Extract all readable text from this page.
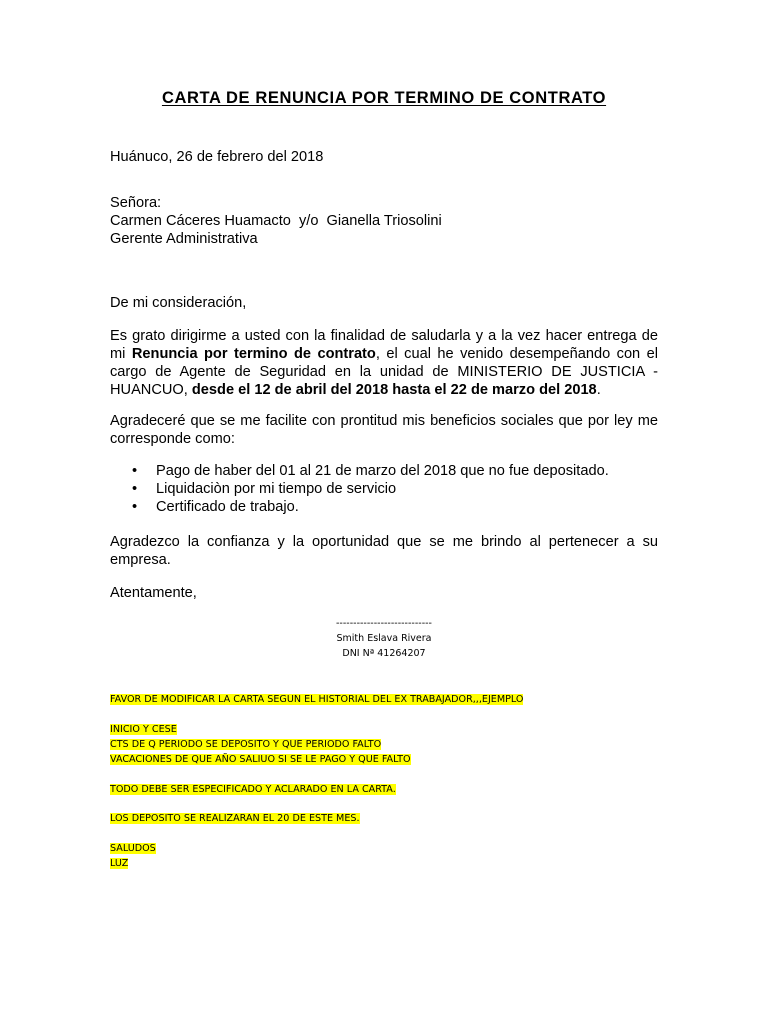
CARTA DE RENUNCIA POR TERMINO DE CONTRATO
Huánuco, 26 de febrero del 2018
Señora:
Carmen Cáceres Huamacto  y/o  Gianella Triosolini
Gerente Administrativa
De mi consideración,
Es grato dirigirme a usted con la finalidad de saludarla y a la vez hacer entrega de mi Renuncia por termino de contrato, el cual he venido desempeñando con el cargo de Agente de Seguridad en la unidad de MINISTERIO DE JUSTICIA - HUANCUO, desde el 12 de abril del 2018 hasta el 22 de marzo del 2018.
Agradeceré que se me facilite con prontitud mis beneficios sociales que por ley me corresponde como:
• Pago de haber del 01 al 21 de marzo del 2018 que no fue depositado.
• Liquidaciòn por mi tiempo de servicio
• Certificado de trabajo.
Agradezco la confianza y la oportunidad que se me brindo al pertenecer a su empresa.
Atentamente,
----------------------------
Smith Eslava Rivera
DNI Nª 41264207
FAVOR DE MODIFICAR LA CARTA SEGUN EL HISTORIAL DEL EX TRABAJADOR,,,EJEMPLO
INICIO Y CESE
CTS DE Q PERIODO SE DEPOSITO Y QUE PERIODO FALTO
VACACIONES DE QUE AÑO SALIUO SI SE LE PAGO Y QUE FALTO
TODO DEBE SER ESPECIFICADO Y ACLARADO EN LA CARTA.
LOS DEPOSITO SE REALIZARAN EL 20 DE ESTE MES.
SALUDOS
LUZ
